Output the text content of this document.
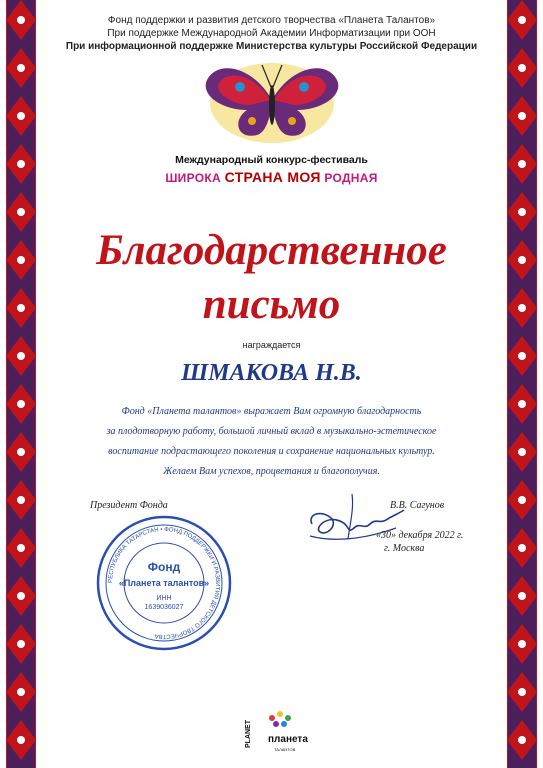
Фонд поддержки и развития детского творчества «Планета Талантов»
При поддержке Международной Академии Информатизации при ООН
При информационной поддержке Министерства культуры Российской Федерации
Международный конкурс-фестиваль
ШИРОКА СТРАНА МОЯ РОДНАЯ
Благодарственное
письмо
награждается
ШМАКОВА Н.В.
Фонд «Планета талантов» выражает Вам огромную благодарность
за плодотворную работу, большой личный вклад в музыкально-эстетическое
воспитание подрастающего поколения и сохранение национальных культур.
Желаем Вам успехов, процветания и благополучия.
Президент Фонда	В.В. Сагунов
«30» декабря 2022 г.
г. Москва
РЕСПУБЛИКА ТАТАРСТАН • ФОНД ПОДДЕРЖКИ И РАЗВИТИЯ ДЕТСКОГО ТВОРЧЕСТВА
Фонд
«Планета талантов»
ИНН
1639036027
PLANET планета
ТАЛАНТОВ
